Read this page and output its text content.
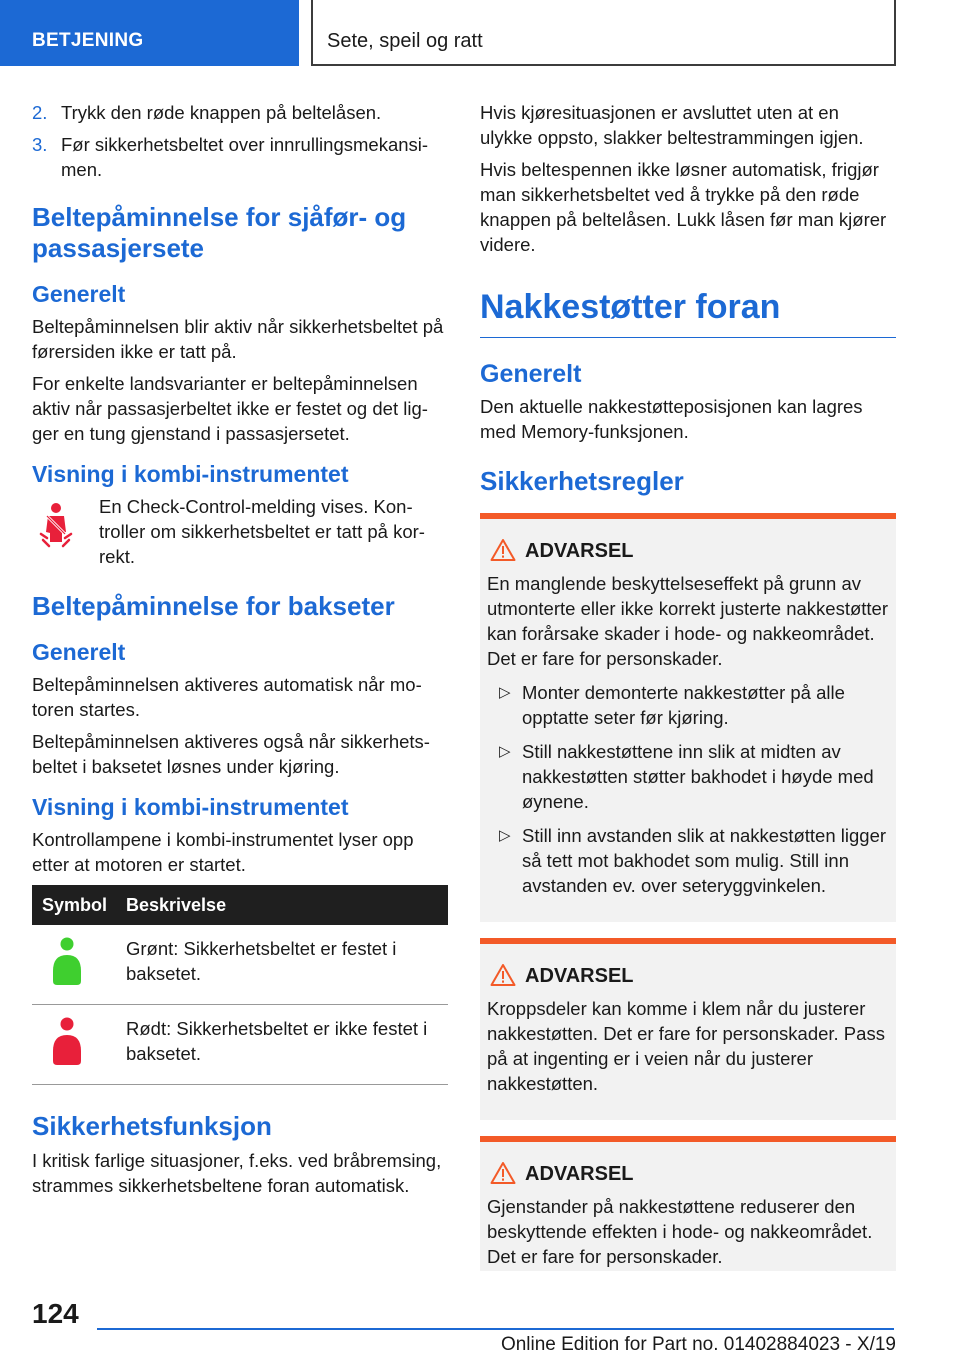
BETJENING	Sete, speil og ratt
2. Trykk den røde knappen på beltelåsen.
3. Før sikkerhetsbeltet over innrullingsmekansimen.
Beltepåminnelse for sjåfør- og passasjersete
Generelt
Beltepåminnelsen blir aktiv når sikkerhetsbeltet på førersiden ikke er tatt på.
For enkelte landsvarianter er beltepåminnelsen aktiv når passasjerbeltet ikke er festet og det ligger en tung gjenstand i passasjersetet.
Visning i kombi-instrumentet
En Check-Control-melding vises. Kontroller om sikkerhetsbeltet er tatt på korrekt.
Beltepåminnelse for bakseter
Generelt
Beltepåminnelsen aktiveres automatisk når motoren startes.
Beltepåminnelsen aktiveres også når sikkerhetsbeltet i baksetet løsnes under kjøring.
Visning i kombi-instrumentet
Kontrollampene i kombi-instrumentet lyser opp etter at motoren er startet.
Symbol	Beskrivelse

	Grønt: Sikkerhetsbeltet er festet i baksetet.

	Rødt: Sikkerhetsbeltet er ikke festet i baksetet.
Sikkerhetsfunksjon
I kritisk farlige situasjoner, f.eks. ved bråbremsing, strammes sikkerhetsbeltene foran automatisk.
Hvis kjøresituasjonen er avsluttet uten at en ulykke oppsto, slakker beltestrammingen igjen.
Hvis beltespennen ikke løsner automatisk, frigjør man sikkerhetsbeltet ved å trykke på den røde knappen på beltelåsen. Lukk låsen før man kjører videre.
Nakkestøtter foran
Generelt
Den aktuelle nakkestøtteposisjonen kan lagres med Memory-funksjonen.
Sikkerhetsregler
ADVARSEL
En manglende beskyttelseseffekt på grunn av utmonterte eller ikke korrekt justerte nakkestøtter kan forårsake skader i hode- og nakkeområdet. Det er fare for personskader.
▷ Monter demonterte nakkestøtter på alle opptatte seter før kjøring.
▷ Still nakkestøttene inn slik at midten av nakkestøtten støtter bakhodet i høyde med øynene.
▷ Still inn avstanden slik at nakkestøtten ligger så tett mot bakhodet som mulig. Still inn avstanden ev. over seteryggvinkelen.
ADVARSEL
Kroppsdeler kan komme i klem når du justerer nakkestøtten. Det er fare for personskader. Pass på at ingenting er i veien når du justerer nakkestøtten.
ADVARSEL
Gjenstander på nakkestøttene reduserer den beskyttende effekten i hode- og nakkeområdet. Det er fare for personskader.
124
Online Edition for Part no. 01402884023 - X/19
